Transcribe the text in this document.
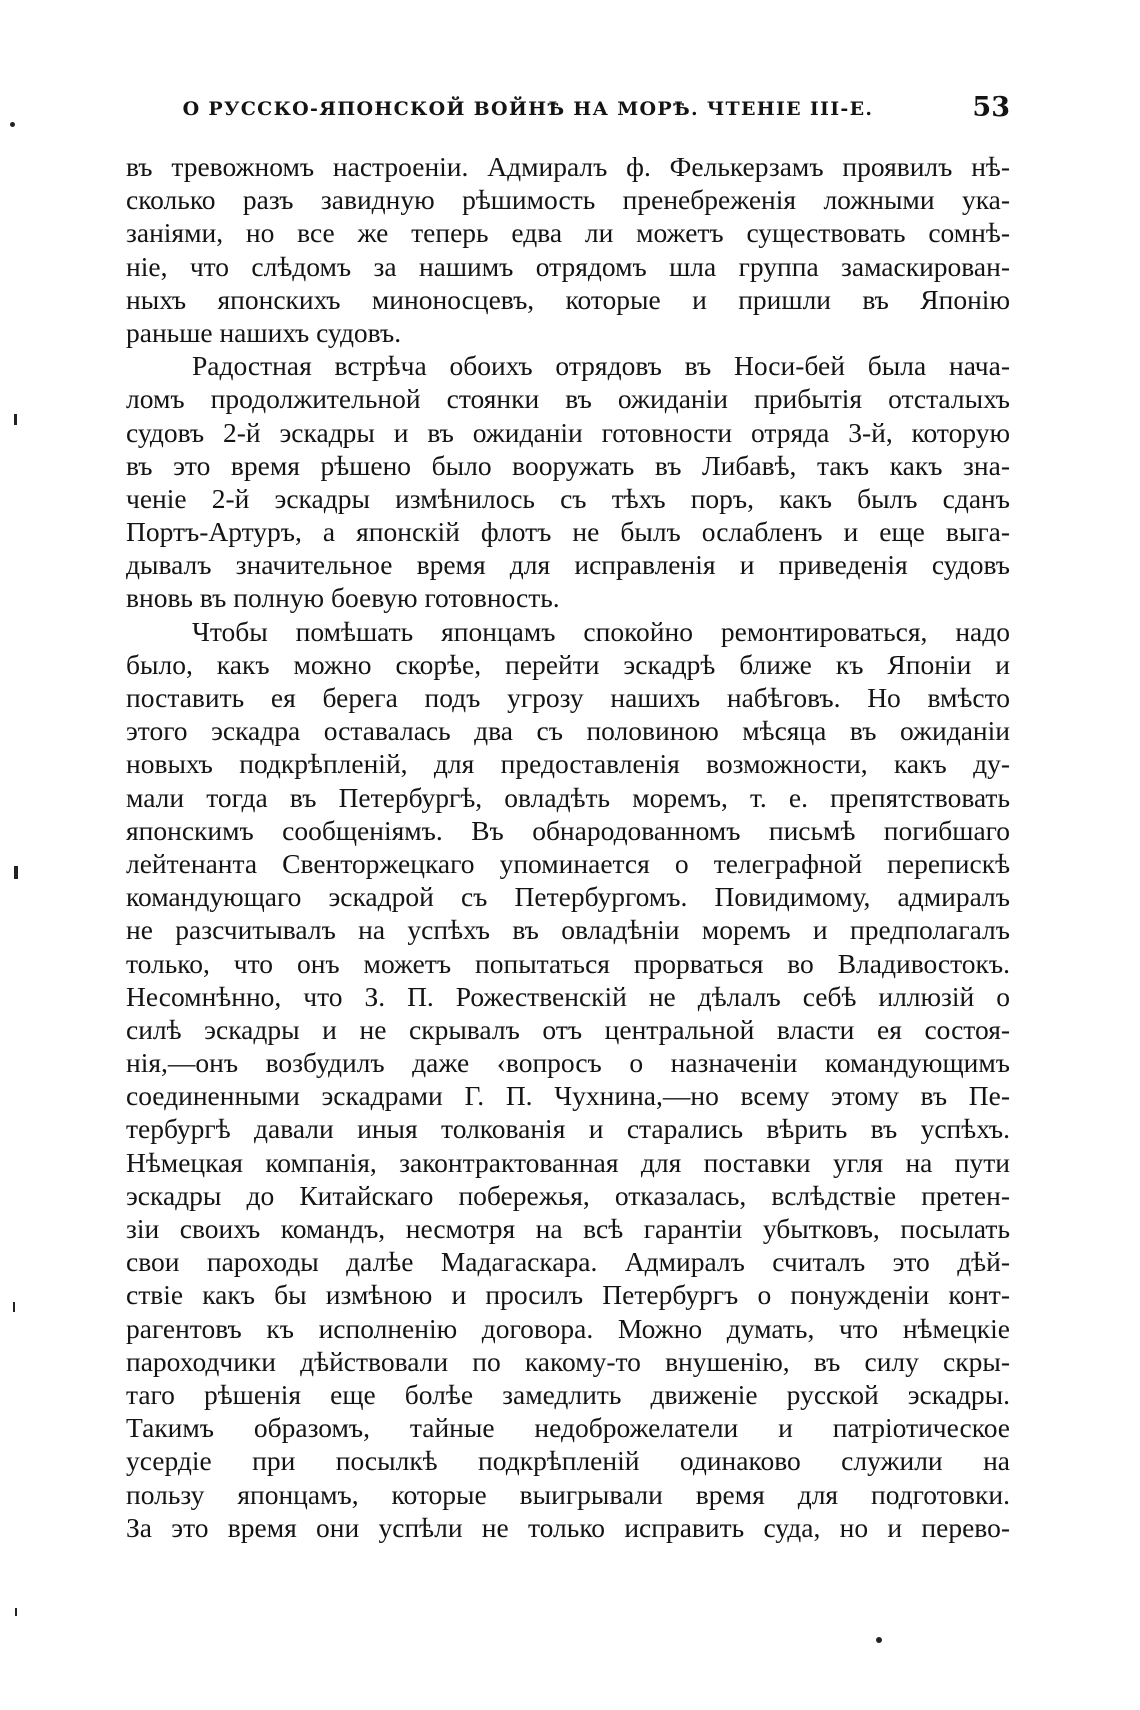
О РУССКО-ЯПОНСКОЙ ВОЙНѢ НА МОРѢ. ЧТЕНІЕ III-Е.	53
въ тревожномъ настроеніи. Адмиралъ ф. Фелькерзамъ проявилъ нѣ-
сколько разъ завидную рѣшимость пренебреженія ложными ука-
заніями, но все же теперь едва ли можетъ существовать сомнѣ-
ніе, что слѣдомъ за нашимъ отрядомъ шла группа замаскирован-
ныхъ японскихъ миноносцевъ, которые и пришли въ Японію
раньше нашихъ судовъ.
Радостная встрѣча обоихъ отрядовъ въ Носи-бей была нача-
ломъ продолжительной стоянки въ ожиданіи прибытія отсталыхъ
судовъ 2-й эскадры и въ ожиданіи готовности отряда 3-й, которую
въ это время рѣшено было вооружать въ Либавѣ, такъ какъ зна-
ченіе 2-й эскадры измѣнилось съ тѣхъ поръ, какъ былъ сданъ
Портъ-Артуръ, а японскій флотъ не былъ ослабленъ и еще выга-
дывалъ значительное время для исправленія и приведенія судовъ
вновь въ полную боевую готовность.
Чтобы помѣшать японцамъ спокойно ремонтироваться, надо
было, какъ можно скорѣе, перейти эскадрѣ ближе къ Японіи и
поставить ея берега подъ угрозу нашихъ набѣговъ. Но вмѣсто
этого эскадра оставалась два съ половиною мѣсяца въ ожиданіи
новыхъ подкрѣпленій, для предоставленія возможности, какъ ду-
мали тогда въ Петербургѣ, овладѣть моремъ, т. е. препятствовать
японскимъ сообщеніямъ. Въ обнародованномъ письмѣ погибшаго
лейтенанта Свенторжецкаго упоминается о телеграфной перепискѣ
командующаго эскадрой съ Петербургомъ. Повидимому, адмиралъ
не разсчитывалъ на успѣхъ въ овладѣніи моремъ и предполагалъ
только, что онъ можетъ попытаться прорваться во Владивостокъ.
Несомнѣнно, что З. П. Рожественскій не дѣлалъ себѣ иллюзій о
силѣ эскадры и не скрывалъ отъ центральной власти ея состоя-
нія,—онъ возбудилъ даже ‹вопросъ о назначеніи командующимъ
соединенными эскадрами Г. П. Чухнина,—но всему этому въ Пе-
тербургѣ давали иныя толкованія и старались вѣрить въ успѣхъ.
Нѣмецкая компанія, законтрактованная для поставки угля на пути
эскадры до Китайскаго побережья, отказалась, вслѣдствіе претен-
зіи своихъ командъ, несмотря на всѣ гарантіи убытковъ, посылать
свои пароходы далѣе Мадагаскара. Адмиралъ считалъ это дѣй-
ствіе какъ бы измѣною и просилъ Петербургъ о понужденіи конт-
рагентовъ къ исполненію договора. Можно думать, что нѣмецкіе
пароходчики дѣйствовали по какому-то внушенію, въ силу скры-
таго рѣшенія еще болѣе замедлить движеніе русской эскадры.
Такимъ образомъ, тайные недоброжелатели и патріотическое
усердіе при посылкѣ подкрѣпленій одинаково служили на
пользу японцамъ, которые выигрывали время для подготовки.
За это время они успѣли не только исправить суда, но и перево-
